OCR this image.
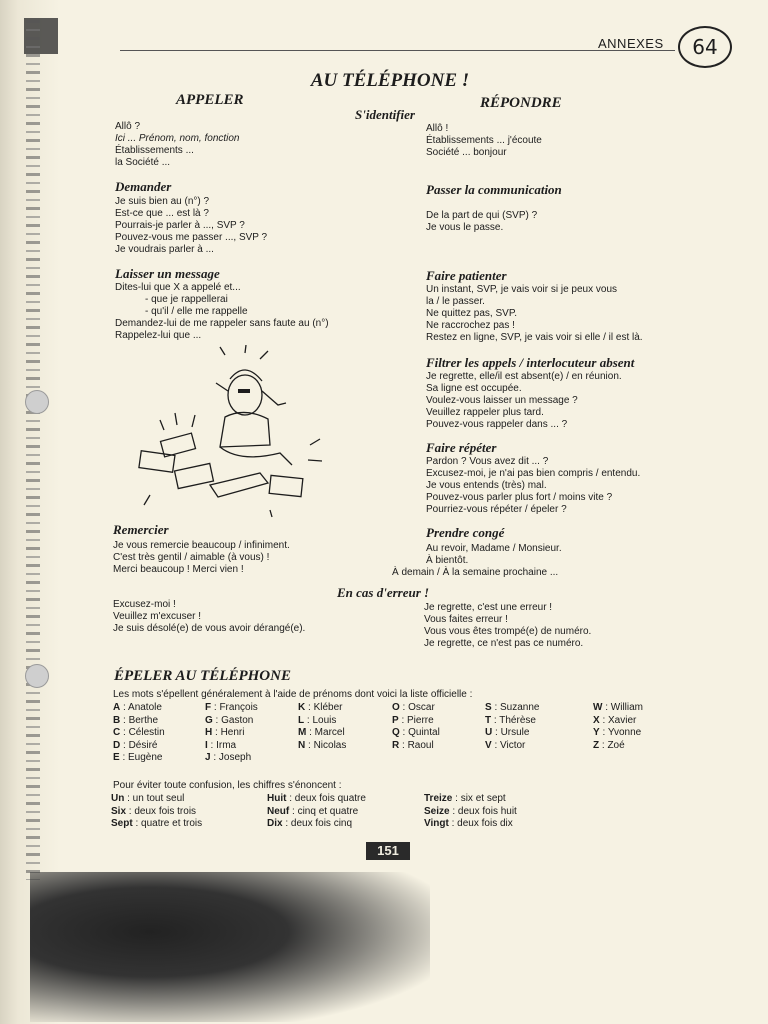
ANNEXES	64
AU TÉLÉPHONE !
APPELER	RÉPONDRE
S'identifier
Allô ?
Ici ... Prénom, nom, fonction
Établissements ...
la Société ...
Allô !
Établissements ... j'écoute
Société ... bonjour
Demander
Je suis bien au (n°) ?
Est-ce que ... est là ?
Pourrais-je parler à ..., SVP ?
Pouvez-vous me passer ..., SVP ?
Je voudrais parler à ...
Passer la communication
De la part de qui (SVP) ?
Je vous le passe.
Laisser un message
Dites-lui que X a appelé et...
- que je rappellerai
- qu'il / elle me rappelle
Demandez-lui de me rappeler sans faute au (n°)
Rappelez-lui que ...
Faire patienter
Un instant, SVP, je vais voir si je peux vous
la / le passer.
Ne quittez pas, SVP.
Ne raccrochez pas !
Restez en ligne, SVP, je vais voir si elle / il est là.
Filtrer les appels / interlocuteur absent
Je regrette, elle/il est absent(e) / en réunion.
Sa ligne est occupée.
Voulez-vous laisser un message ?
Veuillez rappeler plus tard.
Pouvez-vous rappeler dans ... ?
Faire répéter
Pardon ? Vous avez dit ... ?
Excusez-moi, je n'ai pas bien compris / entendu.
Je vous entends (très) mal.
Pouvez-vous parler plus fort / moins vite ?
Pourriez-vous répéter / épeler ?
Remercier
Je vous remercie beaucoup / infiniment.
C'est très gentil / aimable (à vous) !
Merci beaucoup ! Merci vien !
Prendre congé
Au revoir, Madame / Monsieur.
À bientôt.
À demain / À la semaine prochaine ...
En cas d'erreur !
Excusez-moi !
Veuillez m'excuser !
Je suis désolé(e) de vous avoir dérangé(e).
Je regrette, c'est une erreur !
Vous faites erreur !
Vous vous êtes trompé(e) de numéro.
Je regrette, ce n'est pas ce numéro.
ÉPELER AU TÉLÉPHONE
Les mots s'épellent généralement à l'aide de prénoms dont voici la liste officielle :
A : Anatole
B : Berthe
C : Célestin
D : Désiré
E : Eugène
F : François
G : Gaston
H : Henri
I : Irma
J : Joseph
K : Kléber
L : Louis
M : Marcel
N : Nicolas
O : Oscar
P : Pierre
Q : Quintal
R : Raoul
S : Suzanne
T : Thérèse
U : Ursule
V : Victor
W : William
X : Xavier
Y : Yvonne
Z : Zoé
Pour éviter toute confusion, les chiffres s'énoncent :
Un : un tout seul
Six : deux fois trois
Sept : quatre et trois
Huit : deux fois quatre
Neuf : cinq et quatre
Dix : deux fois cinq
Treize : six et sept
Seize : deux fois huit
Vingt : deux fois dix
151
